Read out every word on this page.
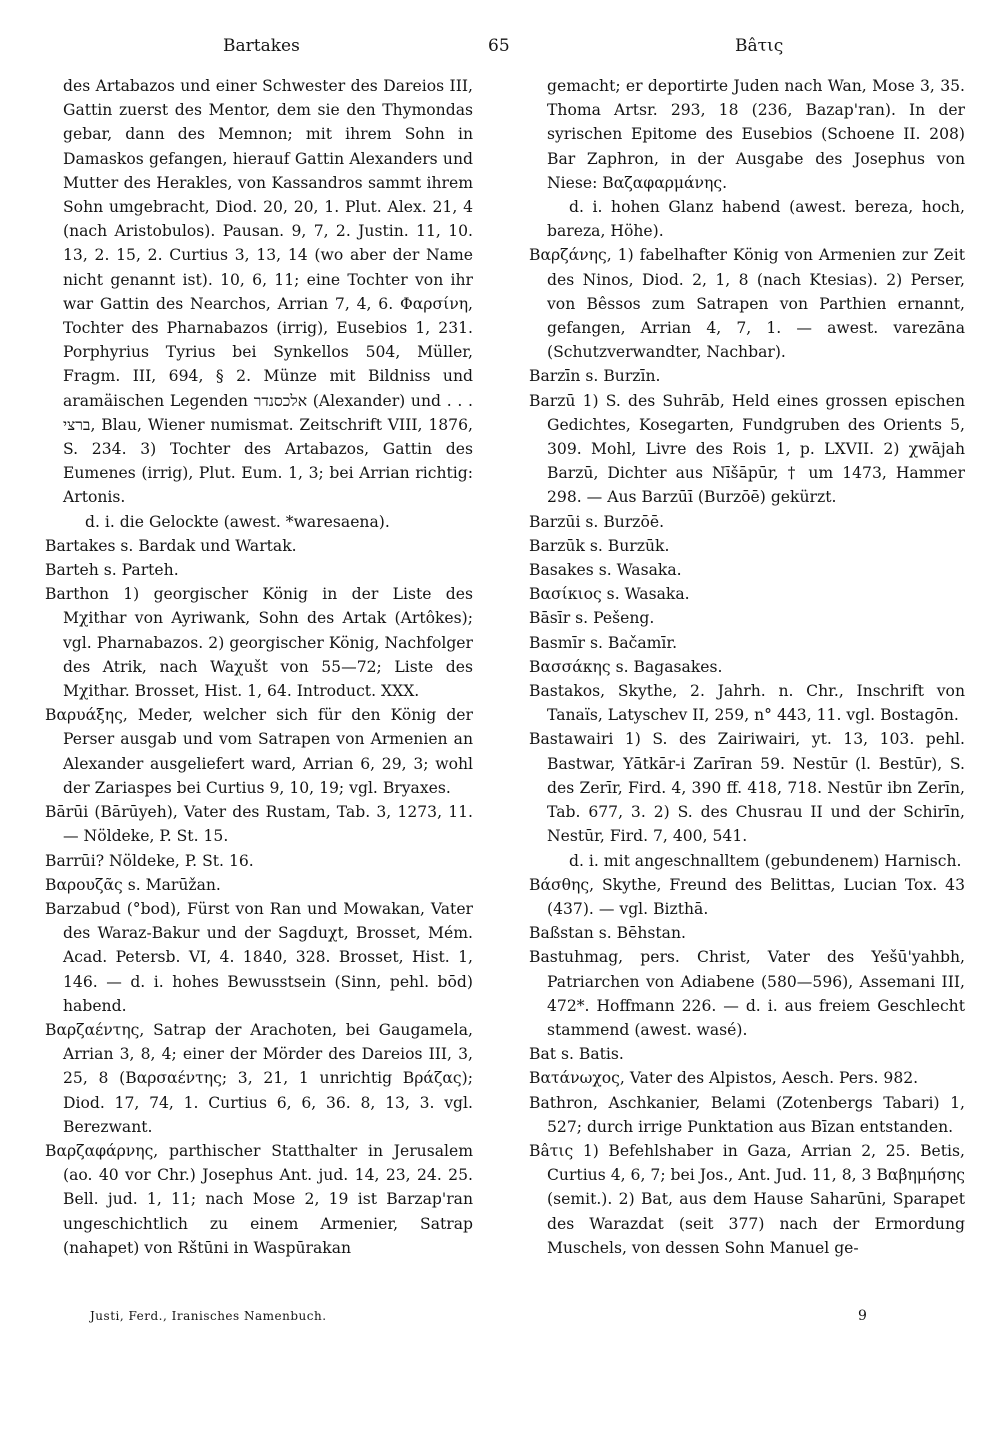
Bartakes	65	Bâτις

des Artabazos und einer Schwester des Dareios III, Gattin zuerst des Mentor, dem sie den Thymondas gebar, dann des Memnon; mit ihrem Sohn in Damaskos gefangen, hierauf Gattin Alexanders und Mutter des Herakles, von Kassandros sammt ihrem Sohn umgebracht, Diod. 20, 20, 1. Plut. Alex. 21, 4 (nach Aristobulos). Pausan. 9, 7, 2. Justin. 11, 10. 13, 2. 15, 2. Curtius 3, 13, 14 (wo aber der Name nicht genannt ist). 10, 6, 11; eine Tochter von ihr war Gattin des Nearchos, Arrian 7, 4, 6. Φαρσίνη, Tochter des Pharnabazos (irrig), Eusebios 1, 231. Porphyrius Tyrius bei Synkellos 504, Müller, Fragm. III, 694, § 2. Münze mit Bildniss und aramäischen Legenden אלכסנדר (Alexander) und . . . ברצי, Blau, Wiener numismat. Zeitschrift VIII, 1876, S. 234. 3) Tochter des Artabazos, Gattin des Eumenes (irrig), Plut. Eum. 1, 3; bei Arrian richtig: Artonis.

d. i. die Gelockte (awest. *waresaena).

Bartakes s. Bardak und Wartak.

Barteh s. Parteh.

Barthon 1) georgischer König in der Liste des Mχithar von Ayriwank, Sohn des Artak (Artôkes); vgl. Pharnabazos. 2) georgischer König, Nachfolger des Atrik, nach Waχušt von 55—72; Liste des Mχithar. Brosset, Hist. 1, 64. Introduct. XXX.

Βαρυάξης, Meder, welcher sich für den König der Perser ausgab und vom Satrapen von Armenien an Alexander ausgeliefert ward, Arrian 6, 29, 3; wohl der Zariaspes bei Curtius 9, 10, 19; vgl. Bryaxes.

Bārūi (Bārūyeh), Vater des Rustam, Tab. 3, 1273, 11. — Nöldeke, P. St. 15.

Barrūi? Nöldeke, P. St. 16.

Βαρουζᾶς s. Marūžan.

Barzabud (°bod), Fürst von Ran und Mowakan, Vater des Waraz-Bakur und der Sagduχt, Brosset, Mém. Acad. Petersb. VI, 4. 1840, 328. Brosset, Hist. 1, 146. — d. i. hohes Bewusstsein (Sinn, pehl. bōd) habend.

Βαρζαέντης, Satrap der Arachoten, bei Gaugamela, Arrian 3, 8, 4; einer der Mörder des Dareios III, 3, 25, 8 (Βαρσαέντης; 3, 21, 1 unrichtig Βράζας); Diod. 17, 74, 1. Curtius 6, 6, 36. 8, 13, 3. vgl. Berezwant.

Βαρζαφάρνης, parthischer Statthalter in Jerusalem (ao. 40 vor Chr.) Josephus Ant. jud. 14, 23, 24. 25. Bell. jud. 1, 11; nach Mose 2, 19 ist Barzap'ran ungeschichtlich zu einem Armenier, Satrap (nahapet) von Rštūni in Waspūrakan

gemacht; er deportirte Juden nach Wan, Mose 3, 35. Thoma Artsr. 293, 18 (236, Bazap'ran). In der syrischen Epitome des Eusebios (Schoene II. 208) Bar Zaphron, in der Ausgabe des Josephus von Niese: Βαζαφαρμάνης.

d. i. hohen Glanz habend (awest. bereza, hoch, bareza, Höhe).

Βαρζάνης, 1) fabelhafter König von Armenien zur Zeit des Ninos, Diod. 2, 1, 8 (nach Ktesias). 2) Perser, von Bêssos zum Satrapen von Parthien ernannt, gefangen, Arrian 4, 7, 1. — awest. varezāna (Schutzverwandter, Nachbar).

Barzīn s. Burzīn.

Barzū 1) S. des Suhrāb, Held eines grossen epischen Gedichtes, Kosegarten, Fundgruben des Orients 5, 309. Mohl, Livre des Rois 1, p. LXVII. 2) χwājah Barzū, Dichter aus Nīšāpūr, † um 1473, Hammer 298. — Aus Barzūī (Burzōē) gekürzt.

Barzūi s. Burzōē.

Barzūk s. Burzūk.

Basakes s. Wasaka.

Βασίκιος s. Wasaka.

Bāsīr s. Pešeng.

Basmīr s. Bačamīr.

Βασσάκης s. Bagasakes.

Bastakos, Skythe, 2. Jahrh. n. Chr., Inschrift von Tanaïs, Latyschev II, 259, n° 443, 11. vgl. Bostagōn.

Bastawairi 1) S. des Zairiwairi, yt. 13, 103. pehl. Bastwar, Yātkār-i Zarīran 59. Nestūr (l. Bestūr), S. des Zerīr, Fird. 4, 390 ff. 418, 718. Nestūr ibn Zerīn, Tab. 677, 3. 2) S. des Chusrau II und der Schirīn, Nestūr, Fird. 7, 400, 541.

d. i. mit angeschnalltem (gebundenem) Harnisch.

Βάσθης, Skythe, Freund des Belittas, Lucian Tox. 43 (437). — vgl. Bizthā.

Baßstan s. Bēhstan.

Bastuhmag, pers. Christ, Vater des Yešū'yahbh, Patriarchen von Adiabene (580—596), Assemani III, 472*. Hoffmann 226. — d. i. aus freiem Geschlecht stammend (awest. wasé).

Bat s. Batis.

Βατάνωχος, Vater des Alpistos, Aesch. Pers. 982.

Bathron, Aschkanier, Belami (Zotenbergs Tabari) 1, 527; durch irrige Punktation aus Bīzan entstanden.

Βâτις 1) Befehlshaber in Gaza, Arrian 2, 25. Betis, Curtius 4, 6, 7; bei Jos., Ant. Jud. 11, 8, 3 Βαβημήσης (semit.). 2) Bat, aus dem Hause Saharūni, Sparapet des Warazdat (seit 377) nach der Ermordung Muschels, von dessen Sohn Manuel ge-

Justi, Ferd., Iranisches Namenbuch.	9
